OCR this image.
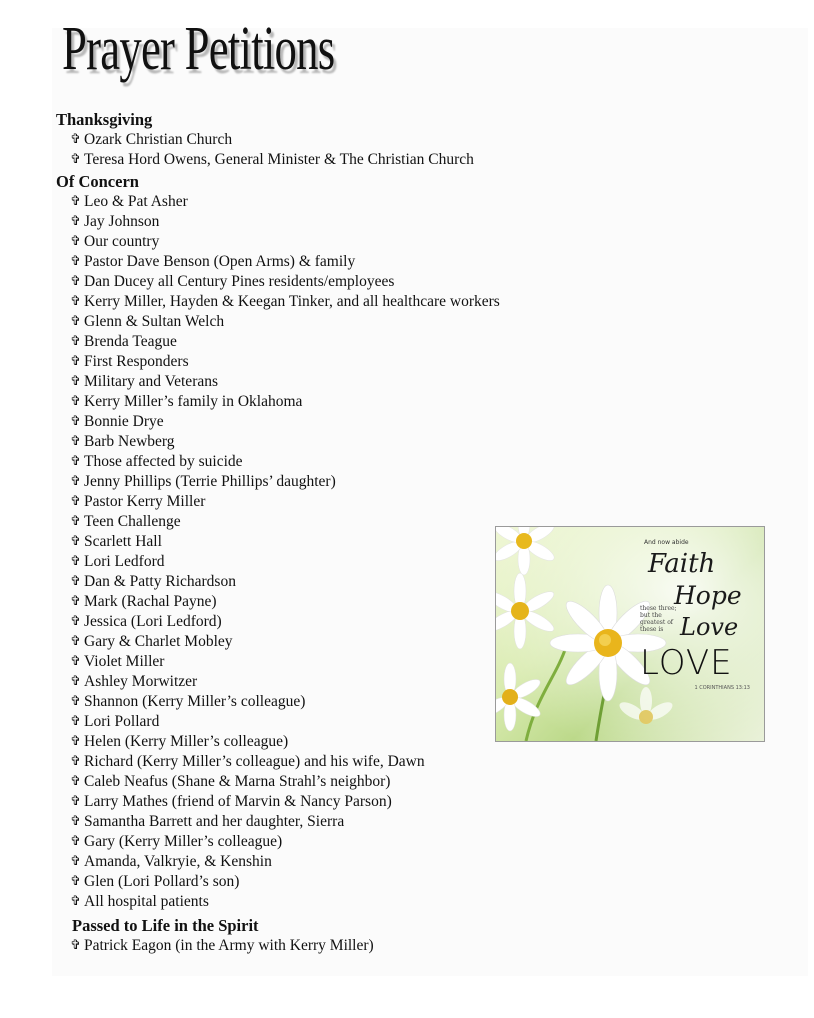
Prayer Petitions
Thanksgiving
✞ Ozark Christian Church
✞ Teresa Hord Owens, General Minister & The Christian Church
Of Concern
✞ Leo & Pat Asher
✞ Jay Johnson
✞ Our country
✞ Pastor Dave Benson (Open Arms) & family
✞ Dan Ducey all Century Pines residents/employees
✞ Kerry Miller, Hayden & Keegan Tinker, and all healthcare workers
✞ Glenn & Sultan Welch
✞ Brenda Teague
✞ First Responders
✞ Military and Veterans
✞ Kerry Miller’s family in Oklahoma
✞ Bonnie Drye
✞ Barb Newberg
✞ Those affected by suicide
✞ Jenny Phillips (Terrie Phillips’ daughter)
✞ Pastor Kerry Miller
✞ Teen Challenge
✞ Scarlett Hall
✞ Lori Ledford
✞ Dan & Patty Richardson
✞ Mark (Rachal Payne)
✞ Jessica (Lori Ledford)
✞ Gary & Charlet Mobley
✞ Violet Miller
✞ Ashley Morwitzer
✞ Shannon (Kerry Miller’s colleague)
✞ Lori Pollard
✞ Helen (Kerry Miller’s colleague)
✞ Richard (Kerry Miller’s colleague) and his wife, Dawn
✞ Caleb Neafus (Shane & Marna Strahl’s neighbor)
✞ Larry Mathes (friend of Marvin & Nancy Parson)
✞ Samantha Barrett and her daughter, Sierra
✞ Gary (Kerry Miller’s colleague)
✞ Amanda, Valkryie, & Kenshin
✞ Glen (Lori Pollard’s son)
✞ All hospital patients
Passed to Life in the Spirit
✞ Patrick Eagon (in the Army with Kerry Miller)
And now abide
Faith
Hope
these three; but the greatest of these is Love
LOVE
1 CORINTHIANS 13:13
